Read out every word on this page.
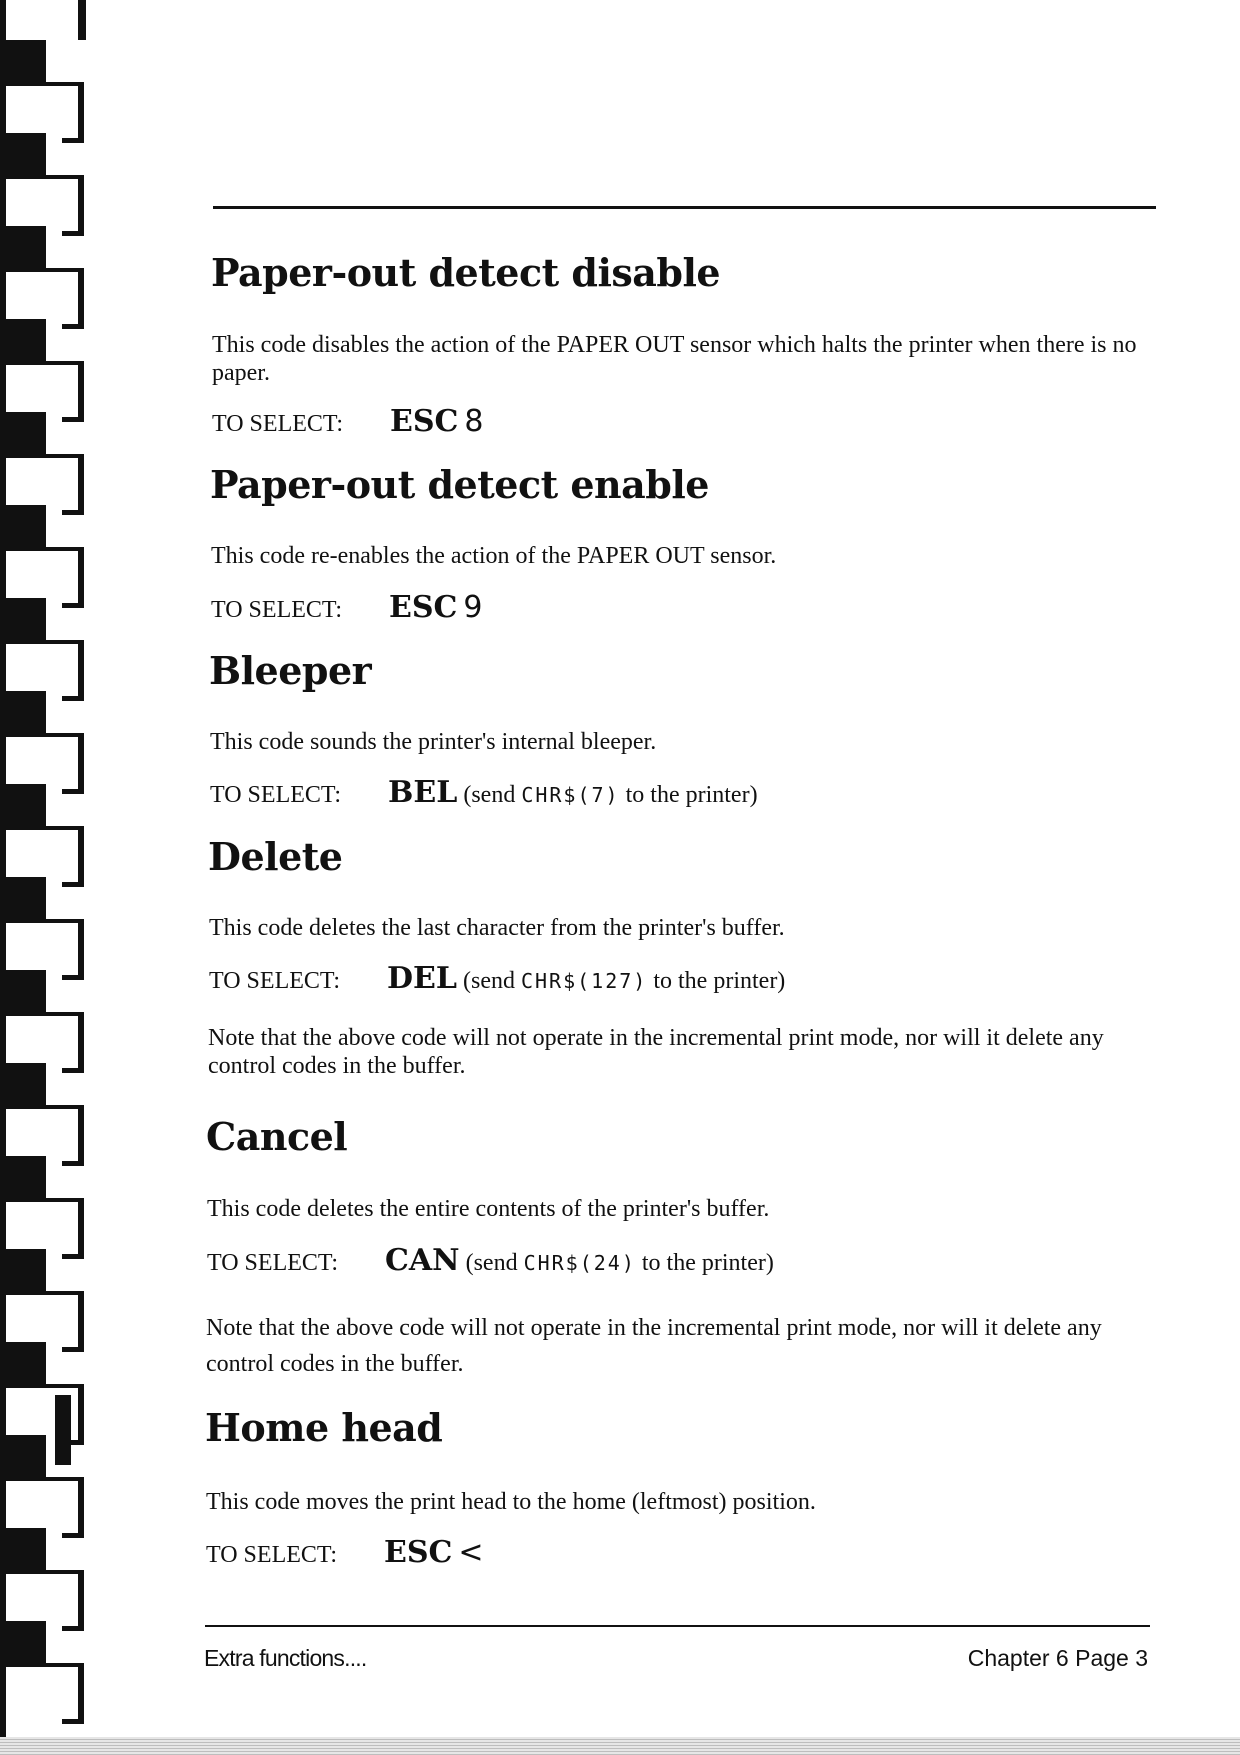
Paper-out detect disable

This code disables the action of the PAPER OUT sensor which halts the printer when there is no paper.

TO SELECT: ESC 8

Paper-out detect enable

This code re-enables the action of the PAPER OUT sensor.

TO SELECT: ESC 9

Bleeper

This code sounds the printer's internal bleeper.

TO SELECT: BEL (send CHR$(7) to the printer)

Delete

This code deletes the last character from the printer's buffer.

TO SELECT: DEL (send CHR$(127) to the printer)

Note that the above code will not operate in the incremental print mode, nor will it delete any control codes in the buffer.

Cancel

This code deletes the entire contents of the printer's buffer.

TO SELECT: CAN (send CHR$(24) to the printer)

Note that the above code will not operate in the incremental print mode, nor will it delete any control codes in the buffer.

Home head

This code moves the print head to the home (leftmost) position.

TO SELECT: ESC <

Extra functions....	Chapter 6 Page 3
